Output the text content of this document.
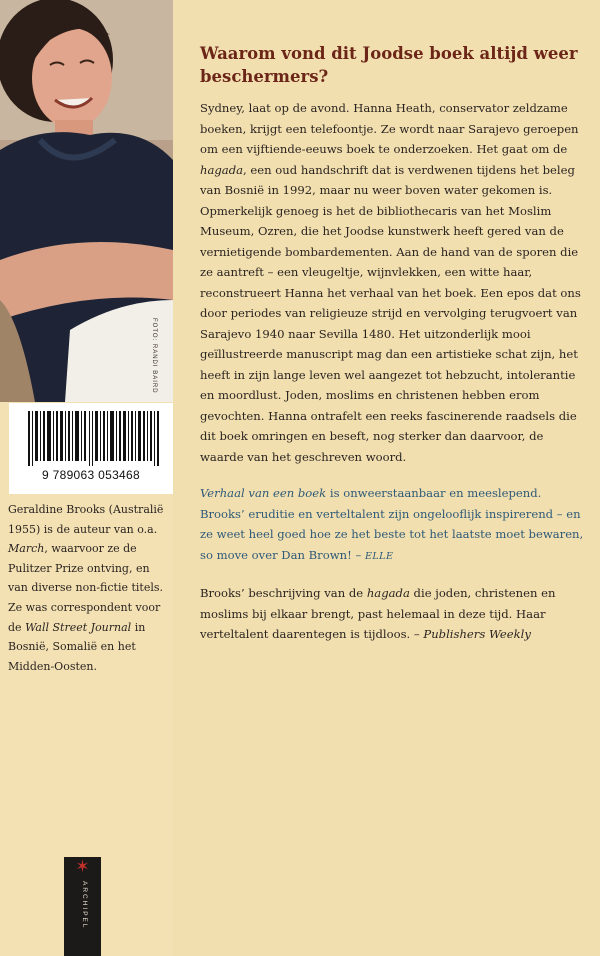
FOTO: RANDI BAIRD
9 789063 053468
Geraldine Brooks (Australië 1955) is de auteur van o.a. March, waarvoor ze de Pulitzer Prize ontving, en van diverse non-fictie titels. Ze was correspondent voor de Wall Street Journal in Bosnië, Somalië en het Midden-Oosten.
✶
ARCHIPEL
Waarom vond dit Joodse boek altijd weer beschermers?

Sydney, laat op de avond. Hanna Heath, conservator zeldzame boeken, krijgt een telefoontje. Ze wordt naar Sarajevo geroepen om een vijftiende-eeuws boek te onderzoeken. Het gaat om de hagada, een oud handschrift dat is verdwenen tijdens het beleg van Bosnië in 1992, maar nu weer boven water gekomen is. Opmerkelijk genoeg is het de bibliothecaris van het Moslim Museum, Ozren, die het Joodse kunstwerk heeft gered van de vernietigende bombardementen. Aan de hand van de sporen die ze aantreft – een vleugeltje, wijnvlekken, een witte haar, reconstrueert Hanna het verhaal van het boek. Een epos dat ons door periodes van religieuze strijd en vervolging terugvoert van Sarajevo 1940 naar Sevilla 1480. Het uitzonderlijk mooi geïllustreerde manuscript mag dan een artistieke schat zijn, het heeft in zijn lange leven wel aangezet tot hebzucht, intolerantie en moordlust. Joden, moslims en christenen hebben erom gevochten. Hanna ontrafelt een reeks fascinerende raadsels die dit boek omringen en beseft, nog sterker dan daarvoor, de waarde van het geschreven woord.

Verhaal van een boek is onweerstaanbaar en meeslepend. Brooks’ eruditie en verteltalent zijn ongelooflijk inspirerend – en ze weet heel goed hoe ze het beste tot het laatste moet bewaren, so move over Dan Brown! – ELLE

Brooks’ beschrijving van de hagada die joden, christenen en moslims bij elkaar brengt, past helemaal in deze tijd. Haar verteltalent daarentegen is tijdloos. – Publishers Weekly
